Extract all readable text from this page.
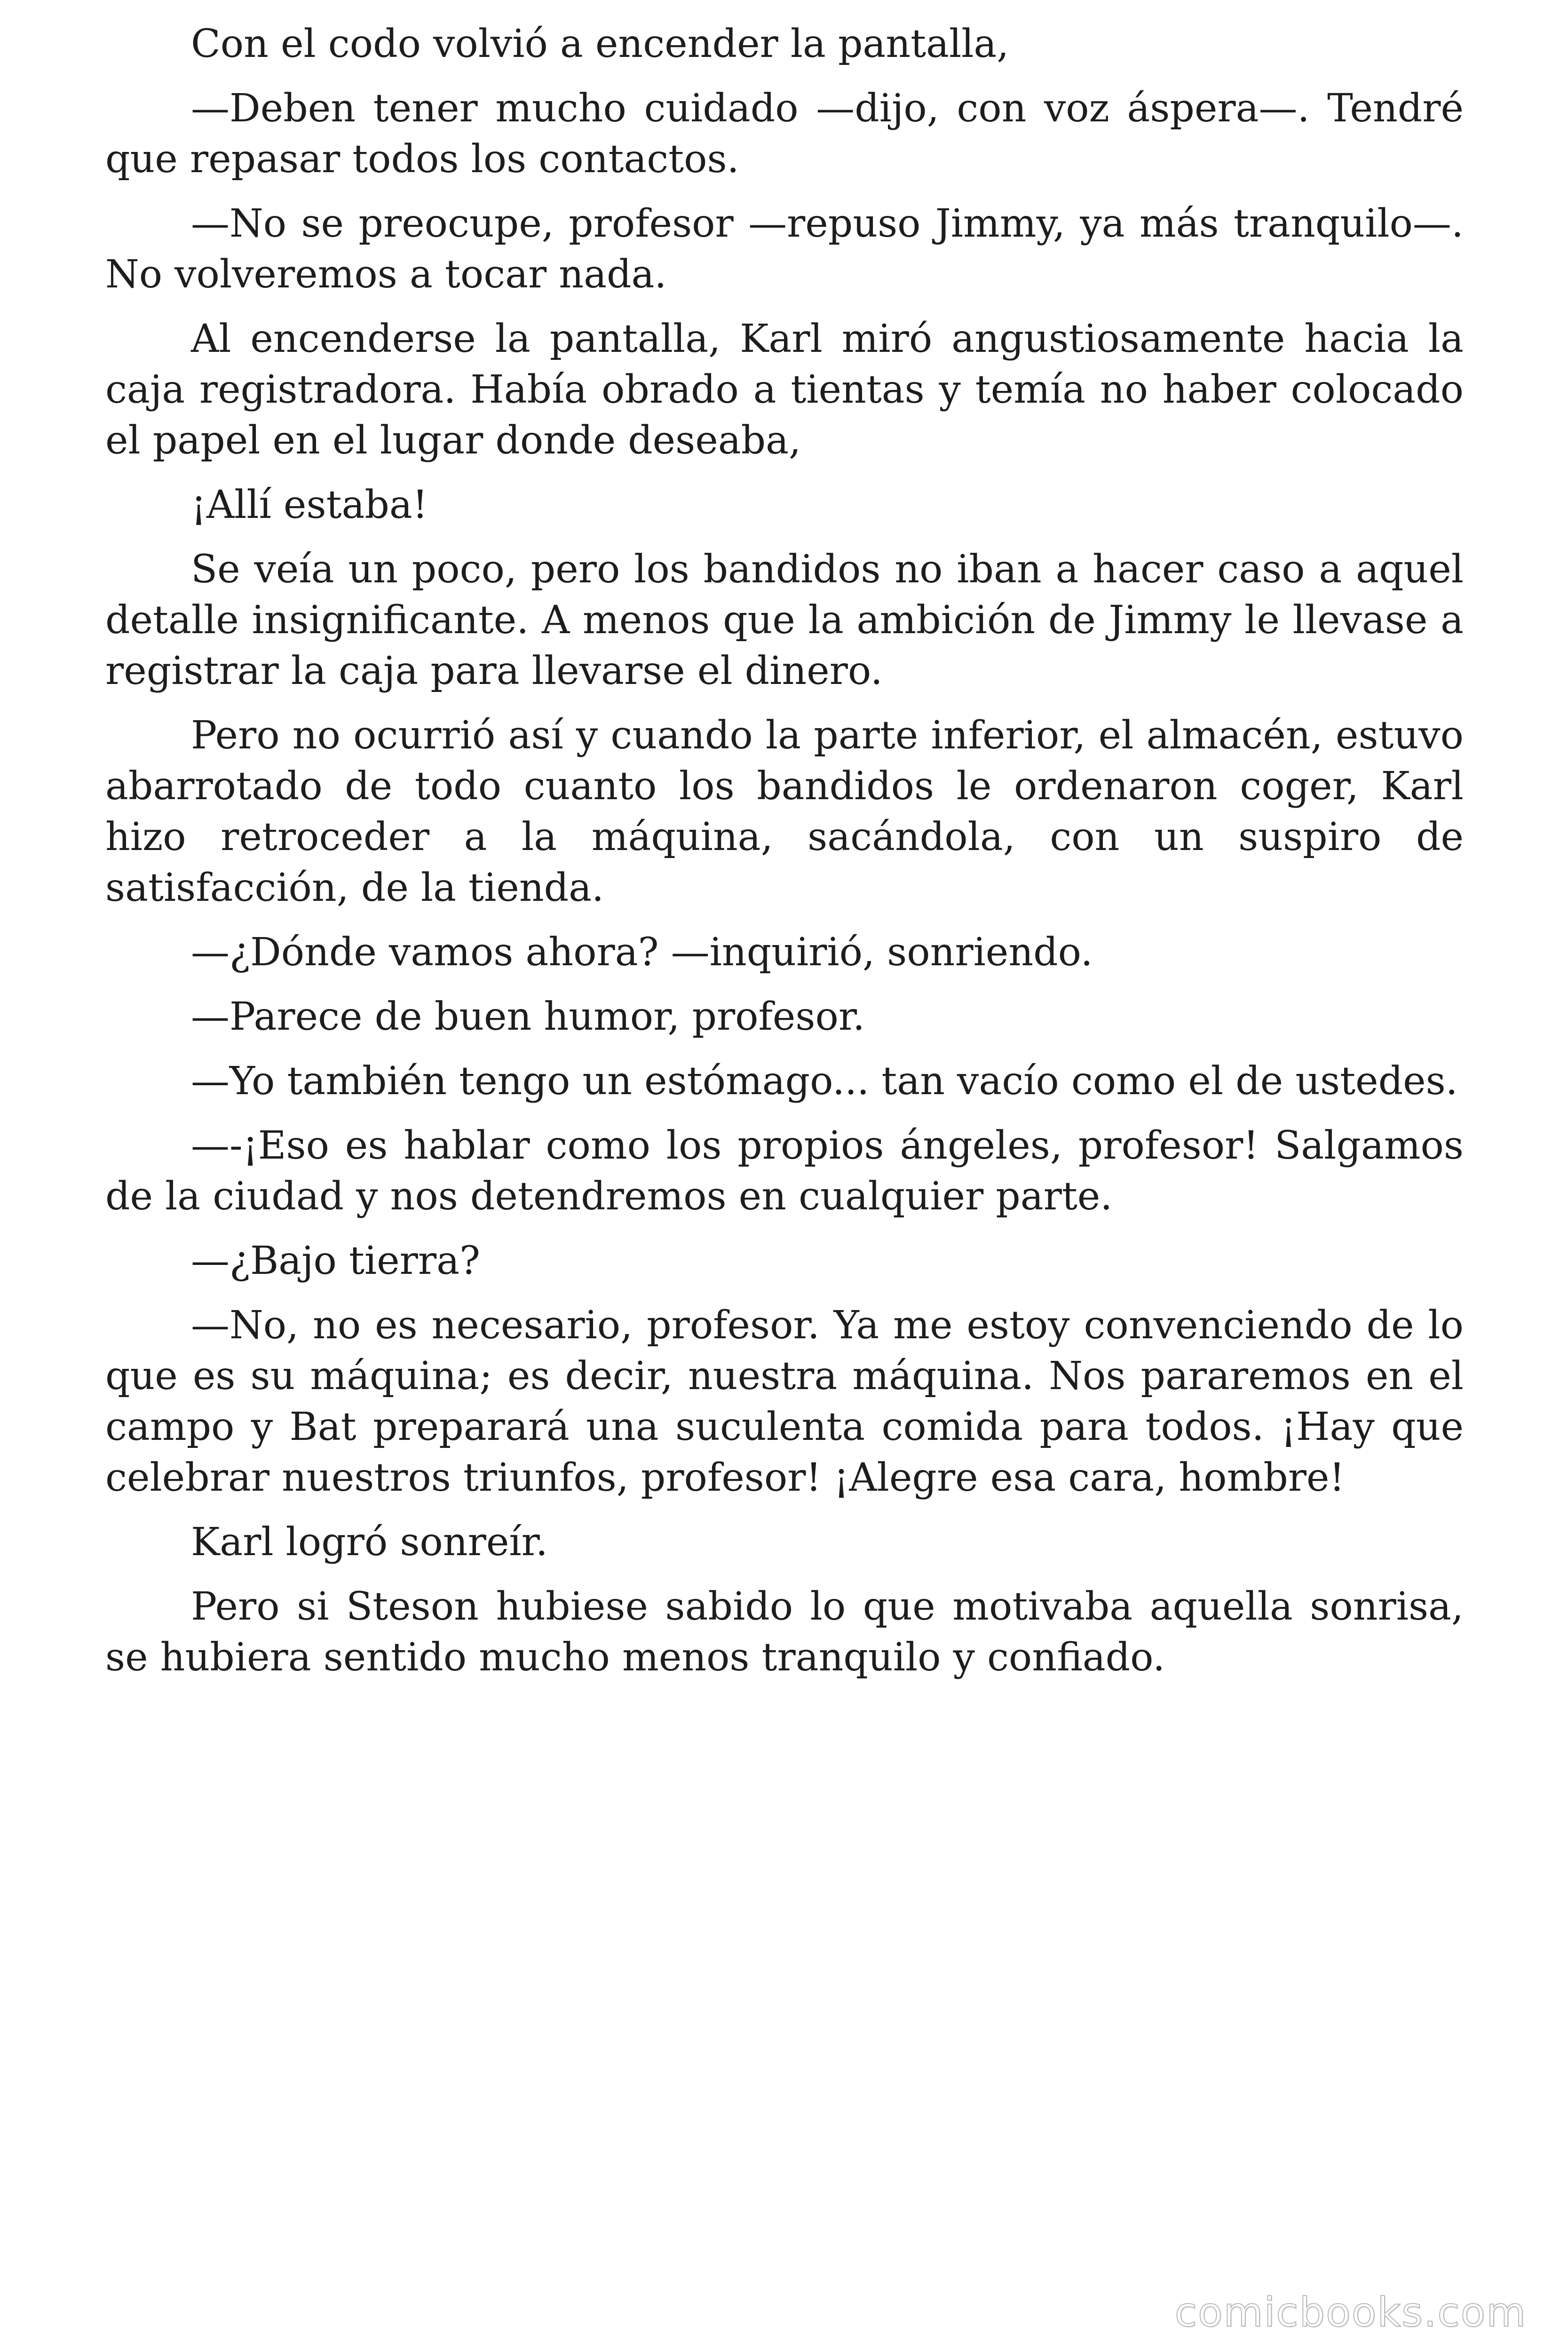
Con el codo volvió a encender la pantalla,

—Deben tener mucho cuidado —dijo, con voz áspera—. Tendré que repasar todos los contactos.

—No se preocupe, profesor —repuso Jimmy, ya más tranquilo—. No volveremos a tocar nada.

Al encenderse la pantalla, Karl miró angustiosamente hacia la caja registradora. Había obrado a tientas y temía no haber colocado el papel en el lugar donde deseaba,

¡Allí estaba!

Se veía un poco, pero los bandidos no iban a hacer caso a aquel detalle insignificante. A menos que la ambición de Jimmy le llevase a registrar la caja para llevarse el dinero.

Pero no ocurrió así y cuando la parte inferior, el almacén, estuvo abarrotado de todo cuanto los bandidos le ordenaron coger, Karl hizo retroceder a la máquina, sacándola, con un suspiro de satisfacción, de la tienda.

—¿Dónde vamos ahora? —inquirió, sonriendo.

—Parece de buen humor, profesor.

—Yo también tengo un estómago... tan vacío como el de ustedes.

—-¡Eso es hablar como los propios ángeles, profesor! Salgamos de la ciudad y nos detendremos en cualquier parte.

—¿Bajo tierra?

—No, no es necesario, profesor. Ya me estoy convenciendo de lo que es su máquina; es decir, nuestra máquina. Nos pararemos en el campo y Bat preparará una suculenta comida para todos. ¡Hay que celebrar nuestros triunfos, profesor! ¡Alegre esa cara, hombre!

Karl logró sonreír.

Pero si Steson hubiese sabido lo que motivaba aquella sonrisa, se hubiera sentido mucho menos tranquilo y confiado.

comicbooks.com
